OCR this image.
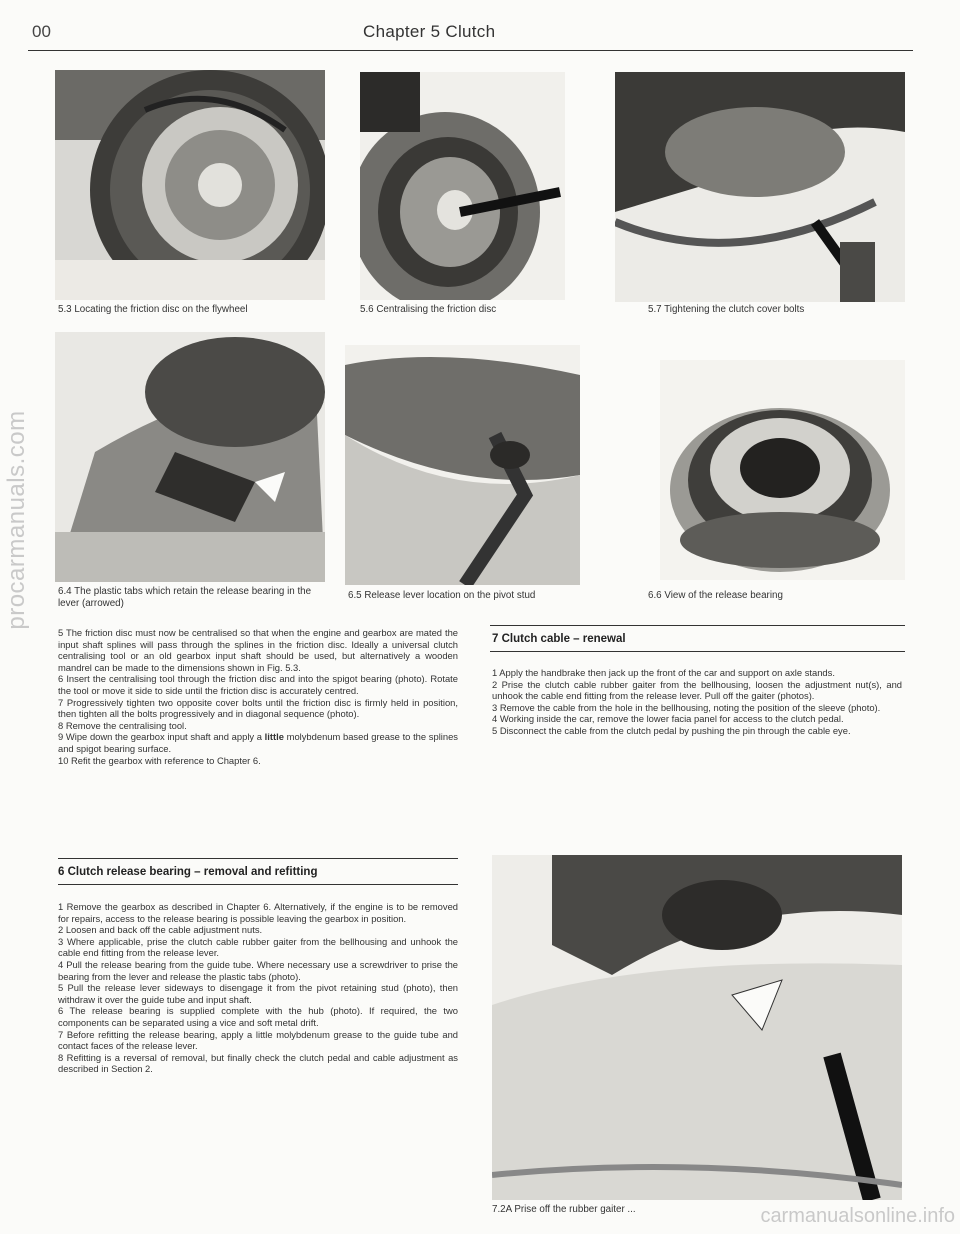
00	Chapter 5 Clutch
procarmanuals.com
5.3 Locating the friction disc on the flywheel	5.6 Centralising the friction disc	5.7 Tightening the clutch cover bolts
6.4 The plastic tabs which retain the release bearing in the lever (arrowed)
6.5 Release lever location on the pivot stud	6.6 View of the release bearing

5 The friction disc must now be centralised so that when the engine and gearbox are mated the input shaft splines will pass through the splines in the friction disc. Ideally a universal clutch centralising tool or an old gearbox input shaft should be used, but alternatively a wooden mandrel can be made to the dimensions shown in Fig. 5.3.

6 Insert the centralising tool through the friction disc and into the spigot bearing (photo). Rotate the tool or move it side to side until the friction disc is accurately centred.

7 Progressively tighten two opposite cover bolts until the friction disc is firmly held in position, then tighten all the bolts progressively and in diagonal sequence (photo).

8 Remove the centralising tool.

9 Wipe down the gearbox input shaft and apply a little molybdenum based grease to the splines and spigot bearing surface.

10 Refit the gearbox with reference to Chapter 6.

6 Clutch release bearing – removal and refitting

1 Remove the gearbox as described in Chapter 6. Alternatively, if the engine is to be removed for repairs, access to the release bearing is possible leaving the gearbox in position.

2 Loosen and back off the cable adjustment nuts.

3 Where applicable, prise the clutch cable rubber gaiter from the bellhousing and unhook the cable end fitting from the release lever.

4 Pull the release bearing from the guide tube. Where necessary use a screwdriver to prise the bearing from the lever and release the plastic tabs (photo).

5 Pull the release lever sideways to disengage it from the pivot retaining stud (photo), then withdraw it over the guide tube and input shaft.

6 The release bearing is supplied complete with the hub (photo). If required, the two components can be separated using a vice and soft metal drift.

7 Before refitting the release bearing, apply a little molybdenum grease to the guide tube and contact faces of the release lever.

8 Refitting is a reversal of removal, but finally check the clutch pedal and cable adjustment as described in Section 2.

7 Clutch cable – renewal

1 Apply the handbrake then jack up the front of the car and support on axle stands.

2 Prise the clutch cable rubber gaiter from the bellhousing, loosen the adjustment nut(s), and unhook the cable end fitting from the release lever. Pull off the gaiter (photos).

3 Remove the cable from the hole in the bellhousing, noting the position of the sleeve (photo).

4 Working inside the car, remove the lower facia panel for access to the clutch pedal.

5 Disconnect the cable from the clutch pedal by pushing the pin through the cable eye.

7.2A Prise off the rubber gaiter ...	carmanualsonline.info
